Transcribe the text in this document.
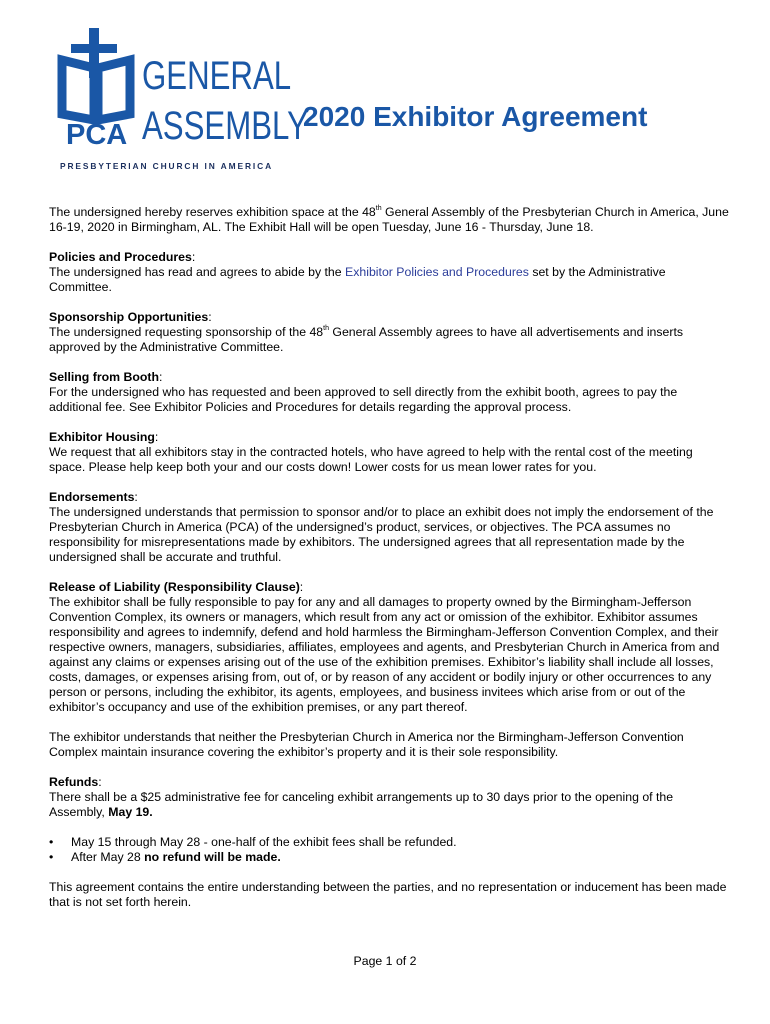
GENERAL
ASSEMBLY
PCA
PRESBYTERIAN CHURCH IN AMERICA
2020 Exhibitor Agreement

The undersigned hereby reserves exhibition space at the 48th General Assembly of the Presbyterian Church in America, June 16-19, 2020 in Birmingham, AL. The Exhibit Hall will be open Tuesday, June 16 - Thursday, June 18.

Policies and Procedures:
The undersigned has read and agrees to abide by the Exhibitor Policies and Procedures set by the Administrative Committee.

Sponsorship Opportunities:
The undersigned requesting sponsorship of the 48th General Assembly agrees to have all advertisements and inserts approved by the Administrative Committee.

Selling from Booth:
For the undersigned who has requested and been approved to sell directly from the exhibit booth, agrees to pay the additional fee. See Exhibitor Policies and Procedures for details regarding the approval process.

Exhibitor Housing:
We request that all exhibitors stay in the contracted hotels, who have agreed to help with the rental cost of the meeting space. Please help keep both your and our costs down! Lower costs for us mean lower rates for you.

Endorsements:
The undersigned understands that permission to sponsor and/or to place an exhibit does not imply the endorsement of the Presbyterian Church in America (PCA) of the undersigned’s product, services, or objectives. The PCA assumes no responsibility for misrepresentations made by exhibitors. The undersigned agrees that all representation made by the undersigned shall be accurate and truthful.

Release of Liability (Responsibility Clause):
The exhibitor shall be fully responsible to pay for any and all damages to property owned by the Birmingham-Jefferson Convention Complex, its owners or managers, which result from any act or omission of the exhibitor. Exhibitor assumes responsibility and agrees to indemnify, defend and hold harmless the Birmingham-Jefferson Convention Complex, and their respective owners, managers, subsidiaries, affiliates, employees and agents, and Presbyterian Church in America from and against any claims or expenses arising out of the use of the exhibition premises. Exhibitor’s liability shall include all losses, costs, damages, or expenses arising from, out of, or by reason of any accident or bodily injury or other occurrences to any person or persons, including the exhibitor, its agents, employees, and business invitees which arise from or out of the exhibitor’s occupancy and use of the exhibition premises, or any part thereof.

The exhibitor understands that neither the Presbyterian Church in America nor the Birmingham-Jefferson Convention Complex maintain insurance covering the exhibitor’s property and it is their sole responsibility.

Refunds:
There shall be a $25 administrative fee for canceling exhibit arrangements up to 30 days prior to the opening of the Assembly, May 19.

• May 15 through May 28 - one-half of the exhibit fees shall be refunded.
• After May 28 no refund will be made.

This agreement contains the entire understanding between the parties, and no representation or inducement has been made that is not set forth herein.

Page 1 of 2
